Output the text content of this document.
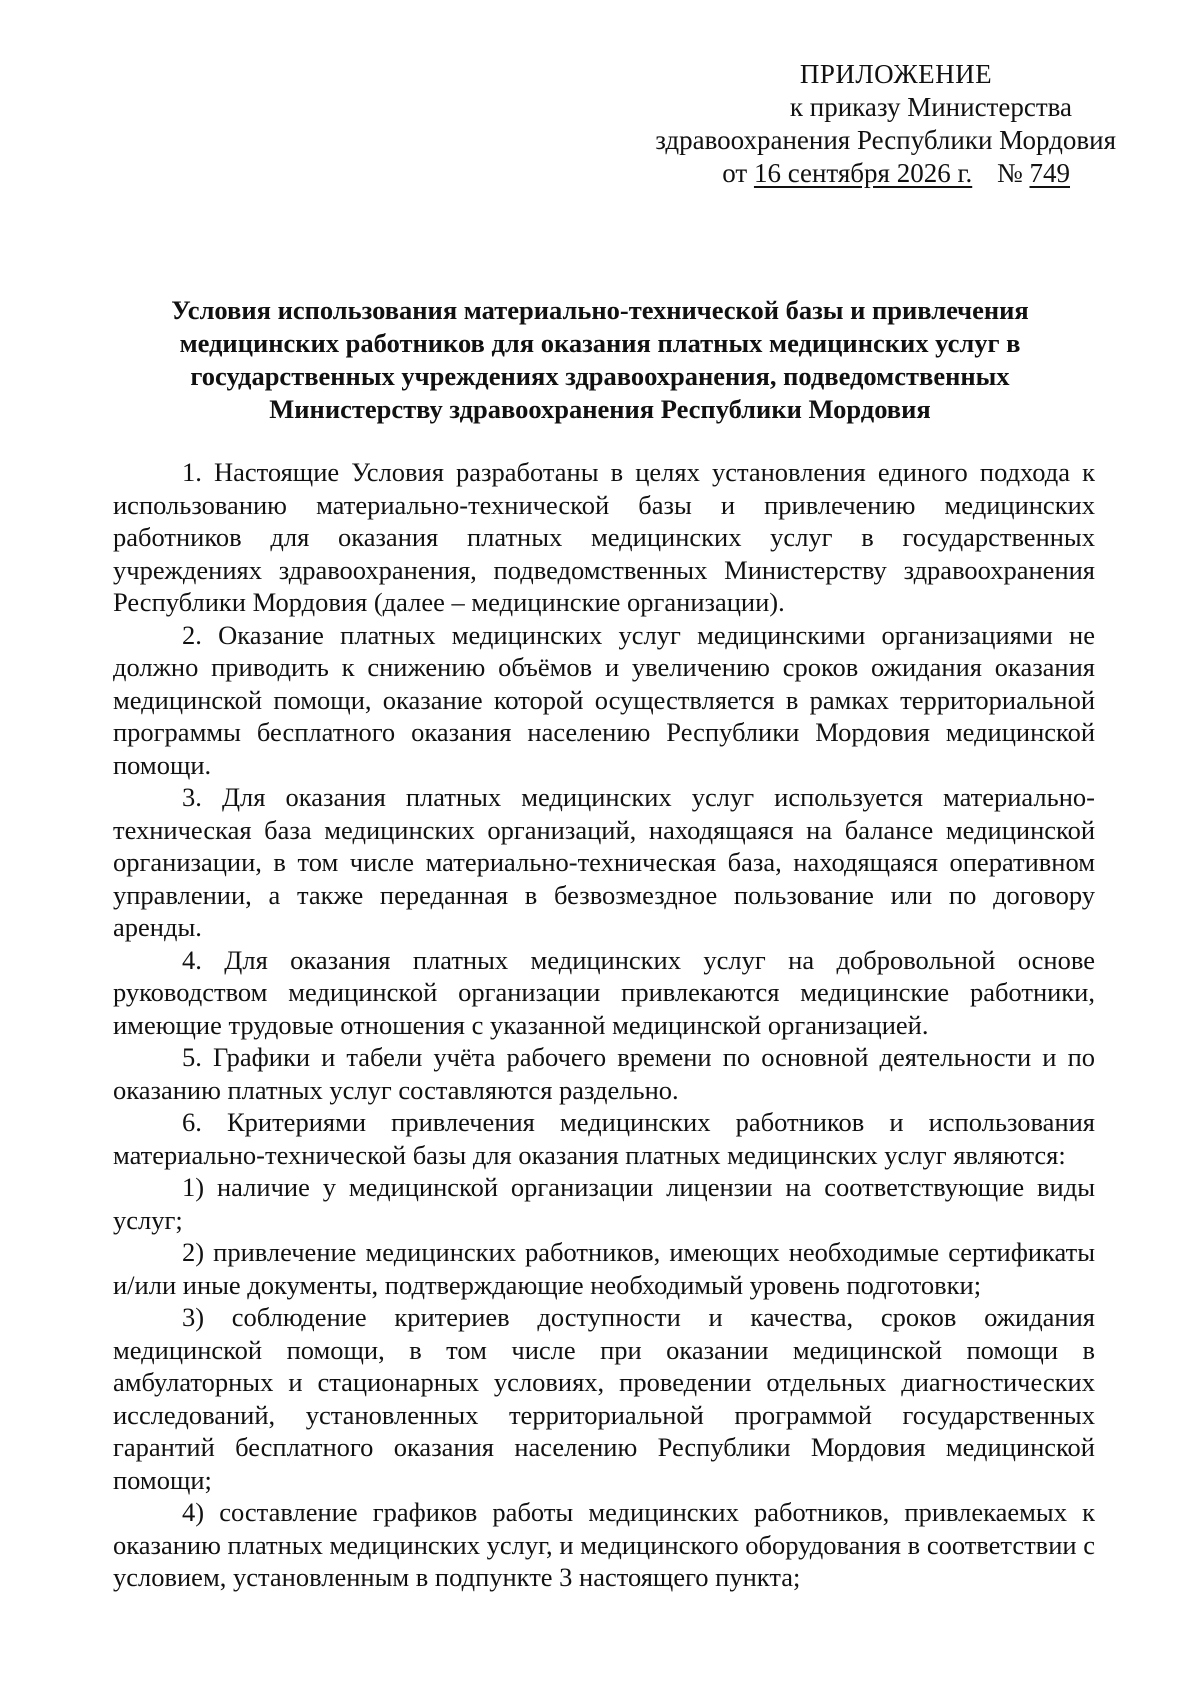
ПРИЛОЖЕНИЕ
к приказу Министерства
здравоохранения Республики Мордовия
от 16 сентября 2026 г. № 749
Условия использования материально-технической базы и привлечения
медицинских работников для оказания платных медицинских услуг в
государственных учреждениях здравоохранения, подведомственных
Министерству здравоохранения Республики Мордовия

1. Настоящие Условия разработаны в целях установления единого подхода к использованию материально-технической базы и привлечению медицинских работников для оказания платных медицинских услуг в государственных учреждениях здравоохранения, подведомственных Министерству здравоохранения Республики Мордовия (далее – медицинские организации).

2. Оказание платных медицинских услуг медицинскими организациями не должно приводить к снижению объёмов и увеличению сроков ожидания оказания медицинской помощи, оказание которой осуществляется в рамках территориальной программы бесплатного оказания населению Республики Мордовия медицинской помощи.

3. Для оказания платных медицинских услуг используется материально-техническая база медицинских организаций, находящаяся на балансе медицинской организации, в том числе материально-техническая база, находящаяся оперативном управлении, а также переданная в безвозмездное пользование или по договору аренды.

4. Для оказания платных медицинских услуг на добровольной основе руководством медицинской организации привлекаются медицинские работники, имеющие трудовые отношения с указанной медицинской организацией.

5. Графики и табели учёта рабочего времени по основной деятельности и по оказанию платных услуг составляются раздельно.

6. Критериями привлечения медицинских работников и использования материально-технической базы для оказания платных медицинских услуг являются:

1) наличие у медицинской организации лицензии на соответствующие виды услуг;

2) привлечение медицинских работников, имеющих необходимые сертификаты и/или иные документы, подтверждающие необходимый уровень подготовки;

3) соблюдение критериев доступности и качества, сроков ожидания медицинской помощи, в том числе при оказании медицинской помощи в амбулаторных и стационарных условиях, проведении отдельных диагностических исследований, установленных территориальной программой государственных гарантий бесплатного оказания населению Республики Мордовия медицинской помощи;

4) составление графиков работы медицинских работников, привлекаемых к оказанию платных медицинских услуг, и медицинского оборудования в соответствии с условием, установленным в подпункте 3 настоящего пункта;
